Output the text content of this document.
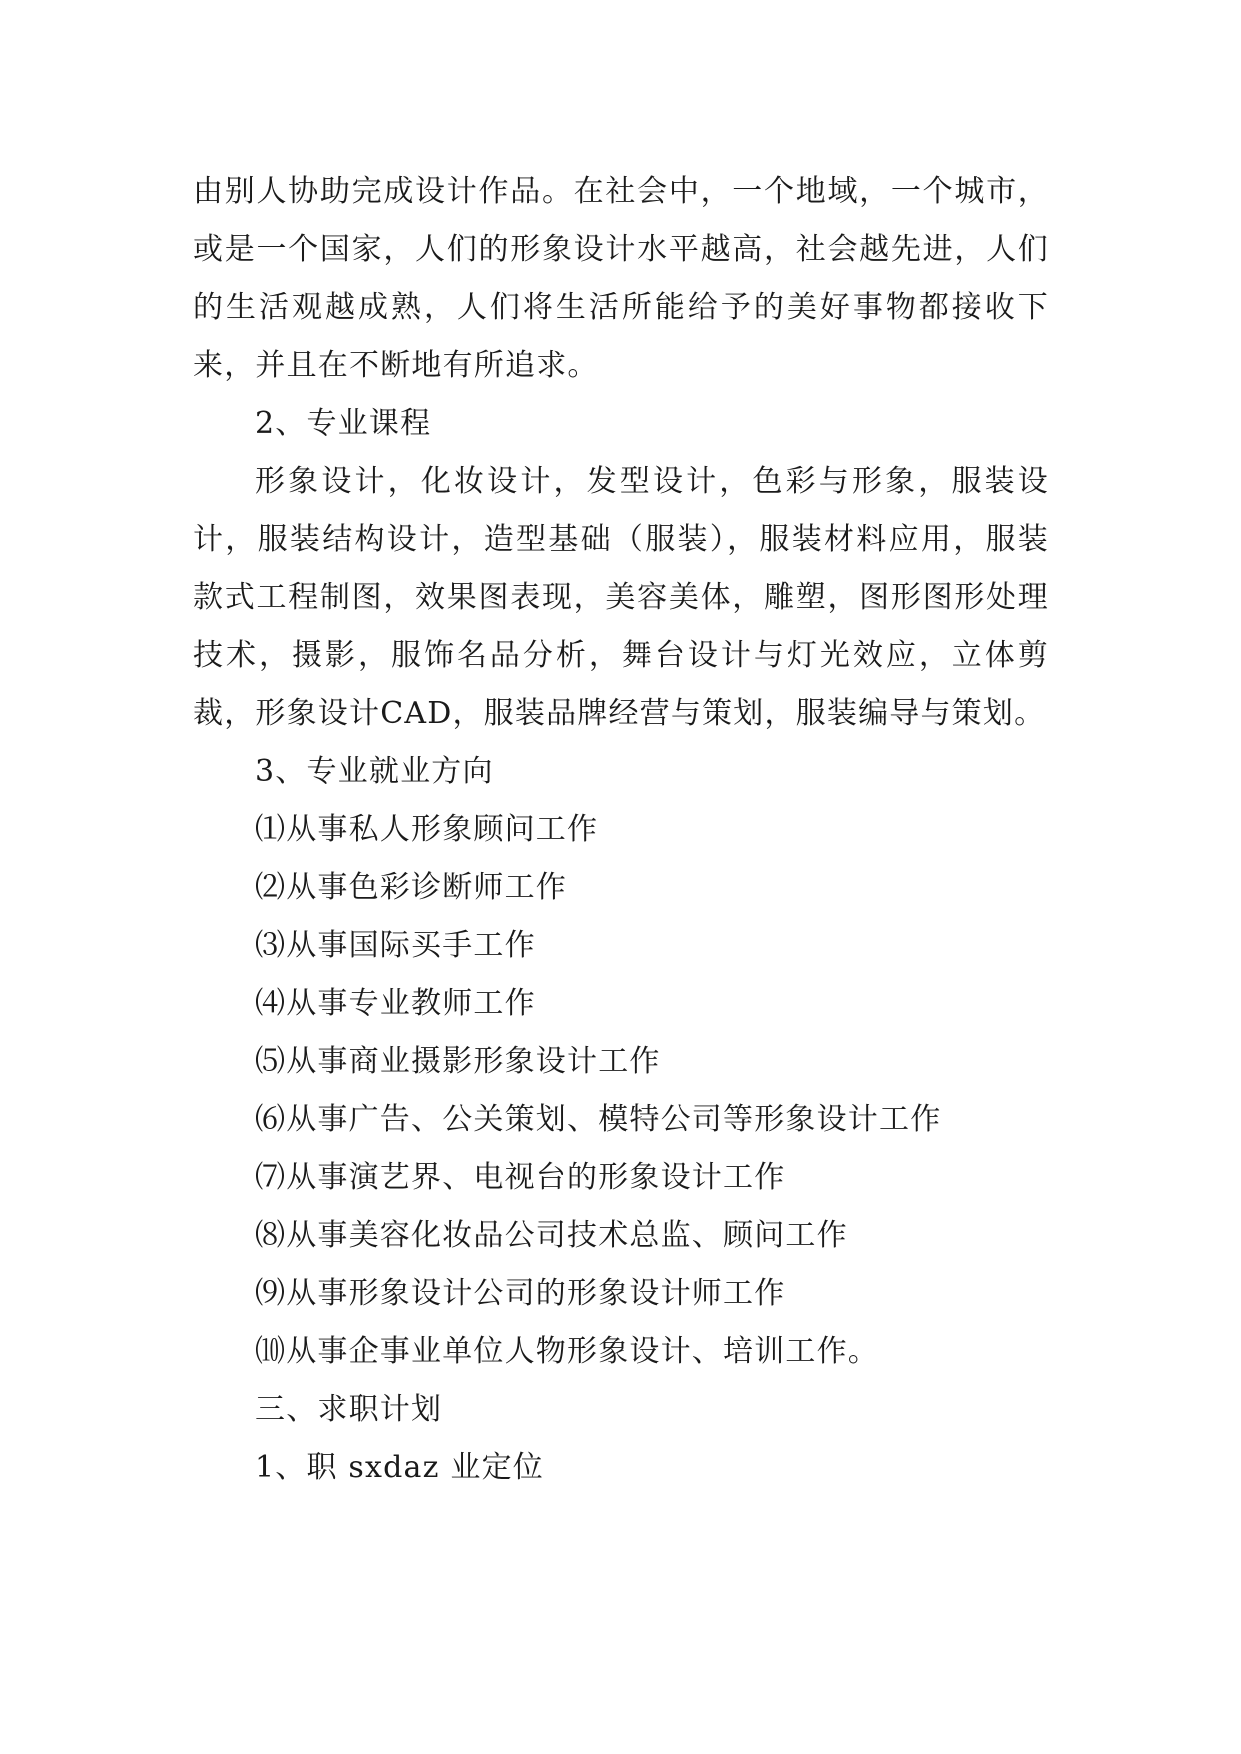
由别人协助完成设计作品。在社会中，一个地域，一个城市，或是一个国家，人们的形象设计水平越高，社会越先进，人们的生活观越成熟，人们将生活所能给予的美好事物都接收下来，并且在不断地有所追求。

2、专业课程

形象设计，化妆设计，发型设计，色彩与形象，服装设计，服装结构设计，造型基础（服装），服装材料应用，服装款式工程制图，效果图表现，美容美体，雕塑，图形图形处理技术，摄影，服饰名品分析，舞台设计与灯光效应，立体剪裁，形象设计CAD，服装品牌经营与策划，服装编导与策划。

3、专业就业方向

⑴从事私人形象顾问工作

⑵从事色彩诊断师工作

⑶从事国际买手工作

⑷从事专业教师工作

⑸从事商业摄影形象设计工作

⑹从事广告、公关策划、模特公司等形象设计工作

⑺从事演艺界、电视台的形象设计工作

⑻从事美容化妆品公司技术总监、顾问工作

⑼从事形象设计公司的形象设计师工作

⑽从事企事业单位人物形象设计、培训工作。

三、求职计划

1、职 sxdaz 业定位
